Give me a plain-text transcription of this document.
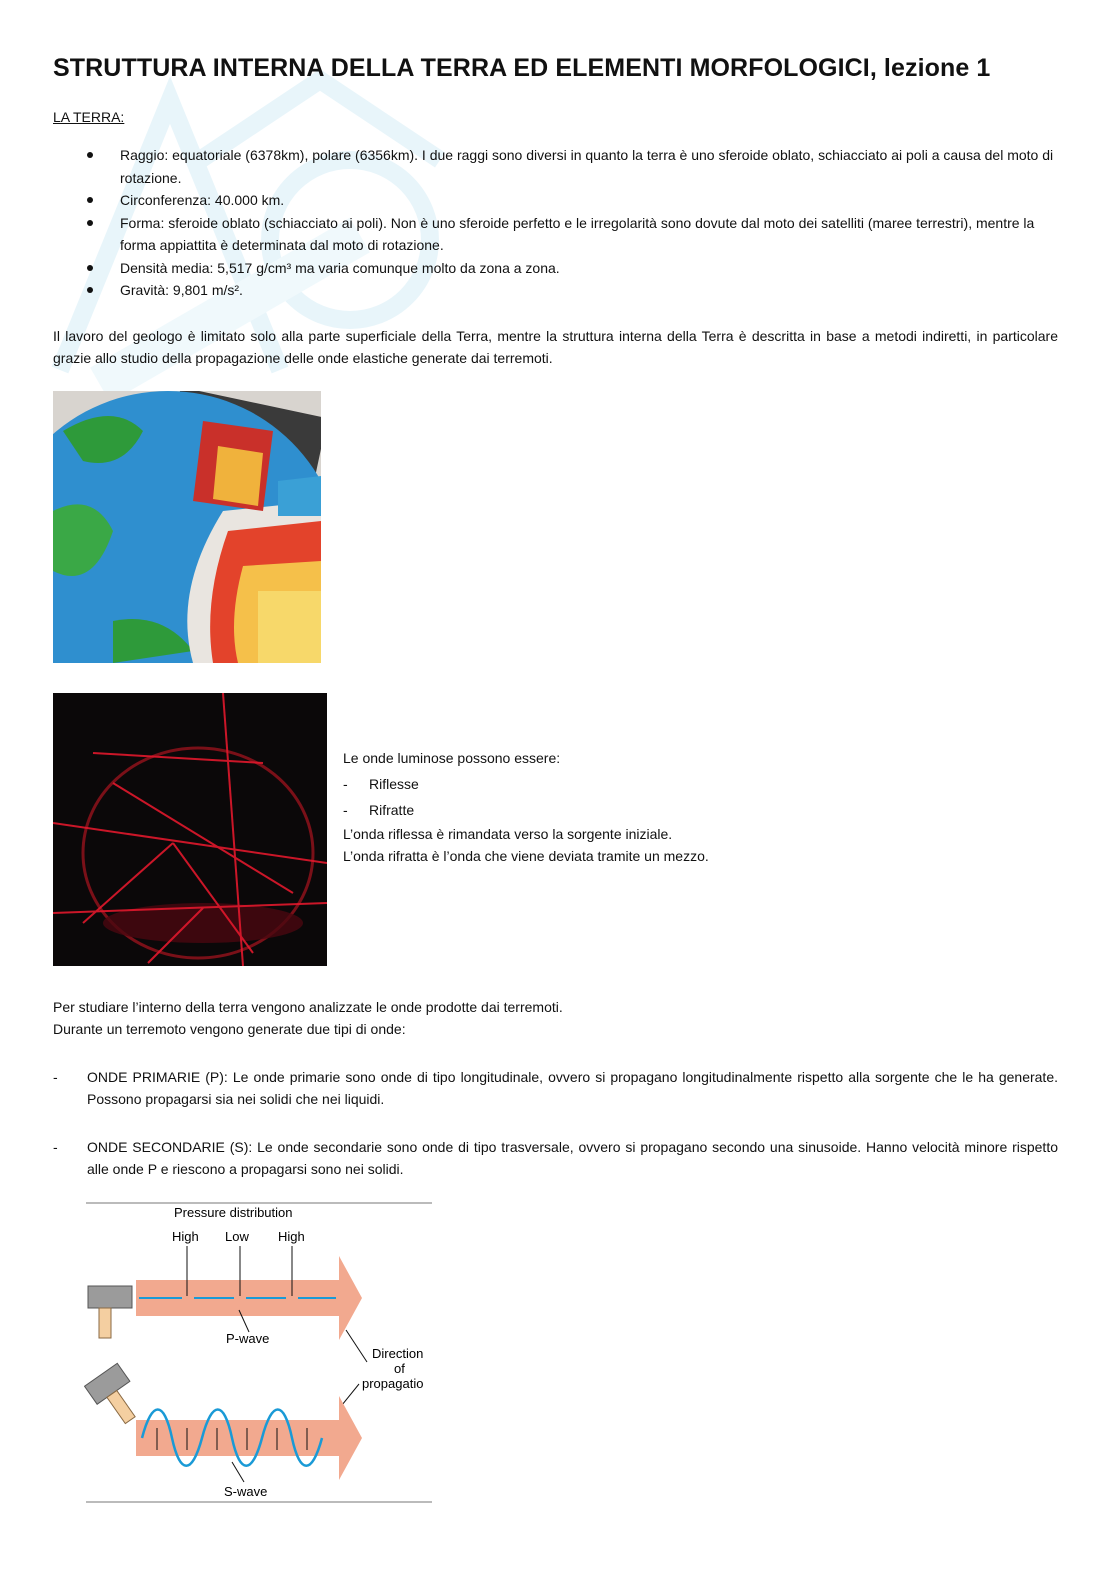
STRUTTURA INTERNA DELLA TERRA ED ELEMENTI MORFOLOGICI, lezione 1
LA TERRA:
Raggio: equatoriale (6378km), polare (6356km). I due raggi sono diversi in quanto la terra è uno sferoide oblato, schiacciato ai poli a causa del moto di rotazione.
Circonferenza: 40.000 km.
Forma: sferoide oblato (schiacciato ai poli). Non è uno sferoide perfetto e le irregolarità sono dovute dal moto dei satelliti (maree terrestri), mentre la forma appiattita è determinata dal moto di rotazione.
Densità media: 5,517 g/cm³ ma varia comunque molto da zona a zona.
Gravità: 9,801 m/s².

Il lavoro del geologo è limitato solo alla parte superficiale della Terra, mentre la struttura interna della Terra è descritta in base a metodi indiretti, in particolare grazie allo studio della propagazione delle onde elastiche generate dai terremoti.

Le onde luminose possono essere:
- Riflesse
- Rifratte
L’onda riflessa è rimandata verso la sorgente iniziale.
L’onda rifratta è l’onda che viene deviata tramite un mezzo.

Per studiare l’interno della terra vengono analizzate le onde prodotte dai terremoti.

Durante un terremoto vengono generate due tipi di onde:

- ONDE PRIMARIE (P): Le onde primarie sono onde di tipo longitudinale, ovvero si propagano longitudinalmente rispetto alla sorgente che le ha generate. Possono propagarsi sia nei solidi che nei liquidi.
- ONDE SECONDARIE (S): Le onde secondarie sono onde di tipo trasversale, ovvero si propagano secondo una sinusoide. Hanno velocità minore rispetto alle onde P e riescono a propagarsi sono nei solidi.
Pressure distribution
High Low High
P-wave
Direction
of
propagatio
S-wave
